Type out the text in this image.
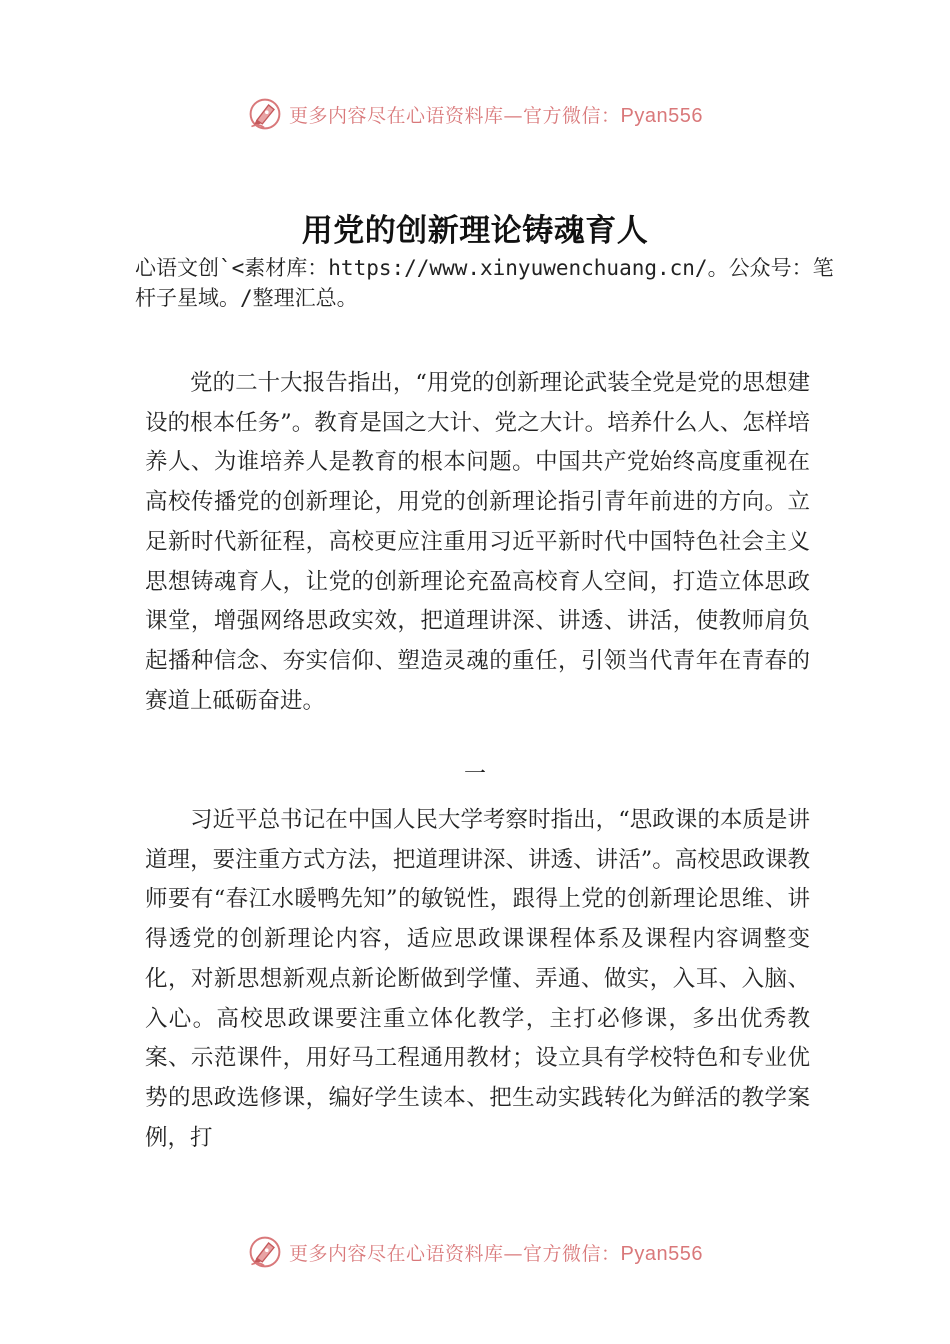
更多内容尽在心语资料库—官方微信：Pyan556
用党的创新理论铸魂育人

心语文创`<素材库：https://www.xinyuwenchuang.cn/。公众号：笔杆子星域。/整理汇总。

党的二十大报告指出，“用党的创新理论武装全党是党的思想建设的根本任务”。教育是国之大计、党之大计。培养什么人、怎样培养人、为谁培养人是教育的根本问题。中国共产党始终高度重视在高校传播党的创新理论，用党的创新理论指引青年前进的方向。立足新时代新征程，高校更应注重用习近平新时代中国特色社会主义思想铸魂育人，让党的创新理论充盈高校育人空间，打造立体思政课堂，增强网络思政实效，把道理讲深、讲透、讲活，使教师肩负起播种信念、夯实信仰、塑造灵魂的重任，引领当代青年在青春的赛道上砥砺奋进。

一

习近平总书记在中国人民大学考察时指出，“思政课的本质是讲道理，要注重方式方法，把道理讲深、讲透、讲活”。高校思政课教师要有“春江水暖鸭先知”的敏锐性，跟得上党的创新理论思维、讲得透党的创新理论内容，适应思政课课程体系及课程内容调整变化，对新思想新观点新论断做到学懂、弄通、做实，入耳、入脑、入心。高校思政课要注重立体化教学，主打必修课，多出优秀教案、示范课件，用好马工程通用教材；设立具有学校特色和专业优势的思政选修课，编好学生读本、把生动实践转化为鲜活的教学案例，打

更多内容尽在心语资料库—官方微信：Pyan556
